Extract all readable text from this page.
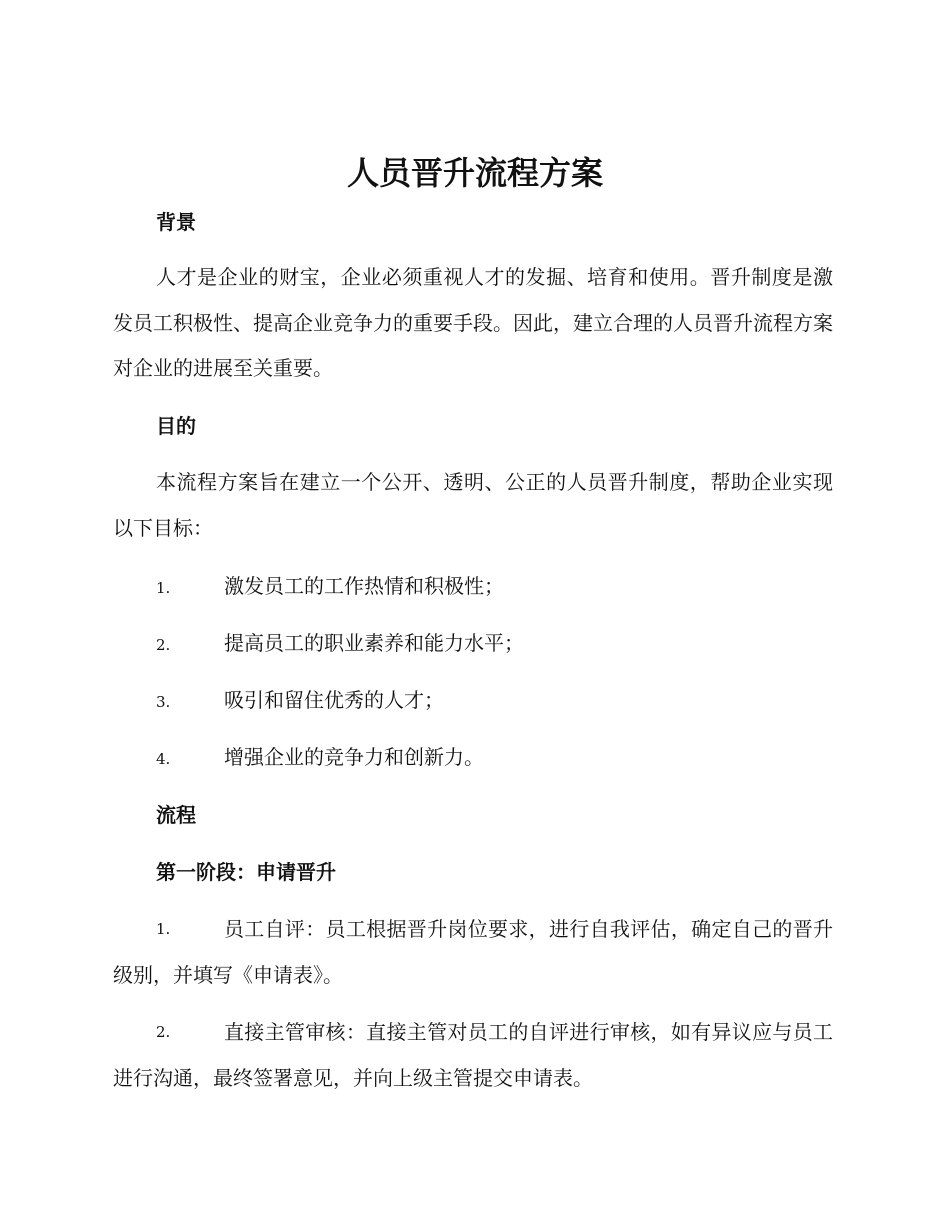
人员晋升流程方案
背景
人才是企业的财宝，企业必须重视人才的发掘、培育和使用。晋升制度是激发员工积极性、提高企业竞争力的重要手段。因此，建立合理的人员晋升流程方案对企业的进展至关重要。
目的
本流程方案旨在建立一个公开、透明、公正的人员晋升制度，帮助企业实现以下目标：
1.	激发员工的工作热情和积极性；
2.	提高员工的职业素养和能力水平；
3.	吸引和留住优秀的人才；
4.	增强企业的竞争力和创新力。
流程
第一阶段：申请晋升
1.	员工自评：员工根据晋升岗位要求，进行自我评估，确定自己的晋升级别，并填写《申请表》。
2.	直接主管审核：直接主管对员工的自评进行审核，如有异议应与员工进行沟通，最终签署意见，并向上级主管提交申请表。
